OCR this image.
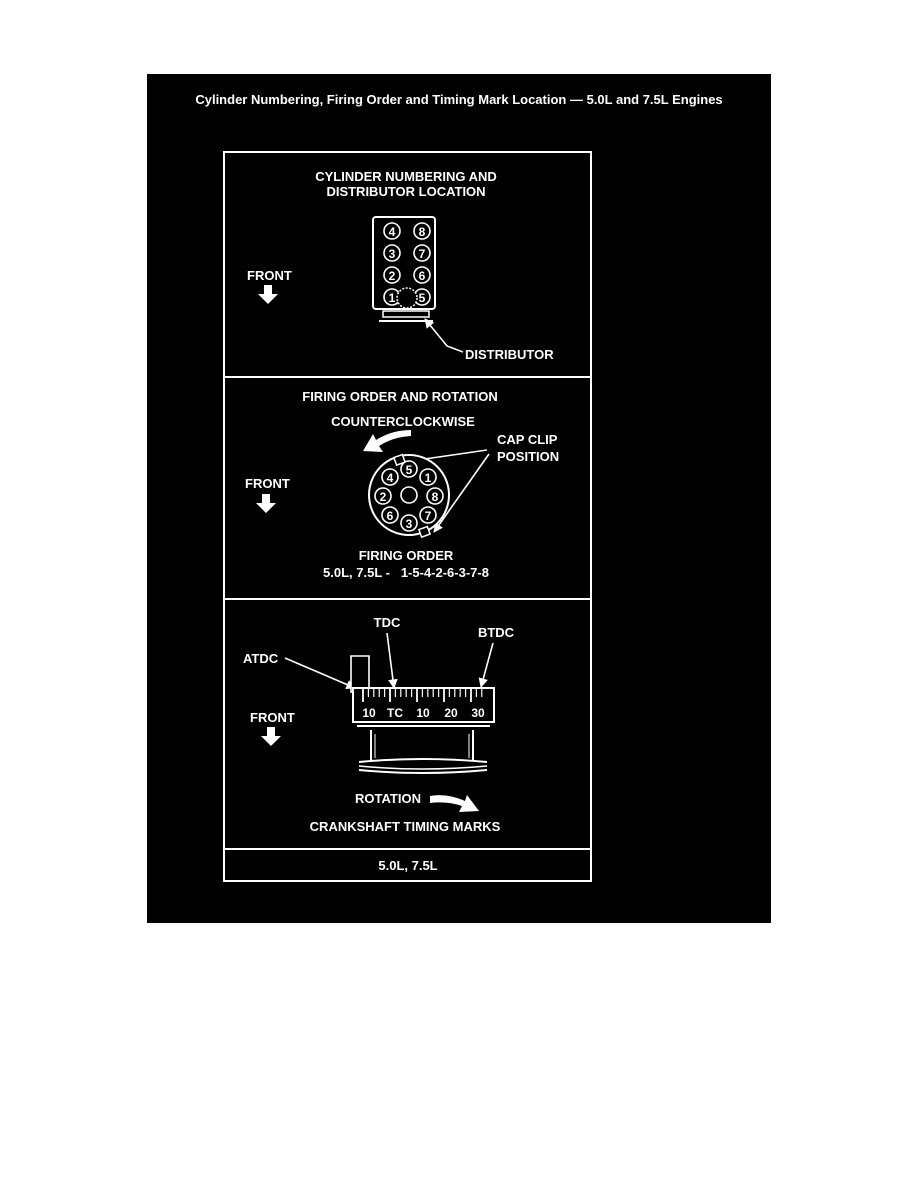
Cylinder Numbering, Firing Order and Timing Mark Location — 5.0L and 7.5L Engines
CYLINDER NUMBERING AND
DISTRIBUTOR LOCATION
FRONT
4
3
2
1
8
7
6
5
DISTRIBUTOR
FIRING ORDER AND ROTATION
COUNTERCLOCKWISE
CAP CLIP
POSITION
FRONT
5
1
8
7
3
6
2
4
FIRING ORDER
5.0L, 7.5L -   1-5-4-2-6-3-7-8
TDC
BTDC
ATDC
10 TC 10 20 30
FRONT
ROTATION
CRANKSHAFT TIMING MARKS
5.0L, 7.5L
